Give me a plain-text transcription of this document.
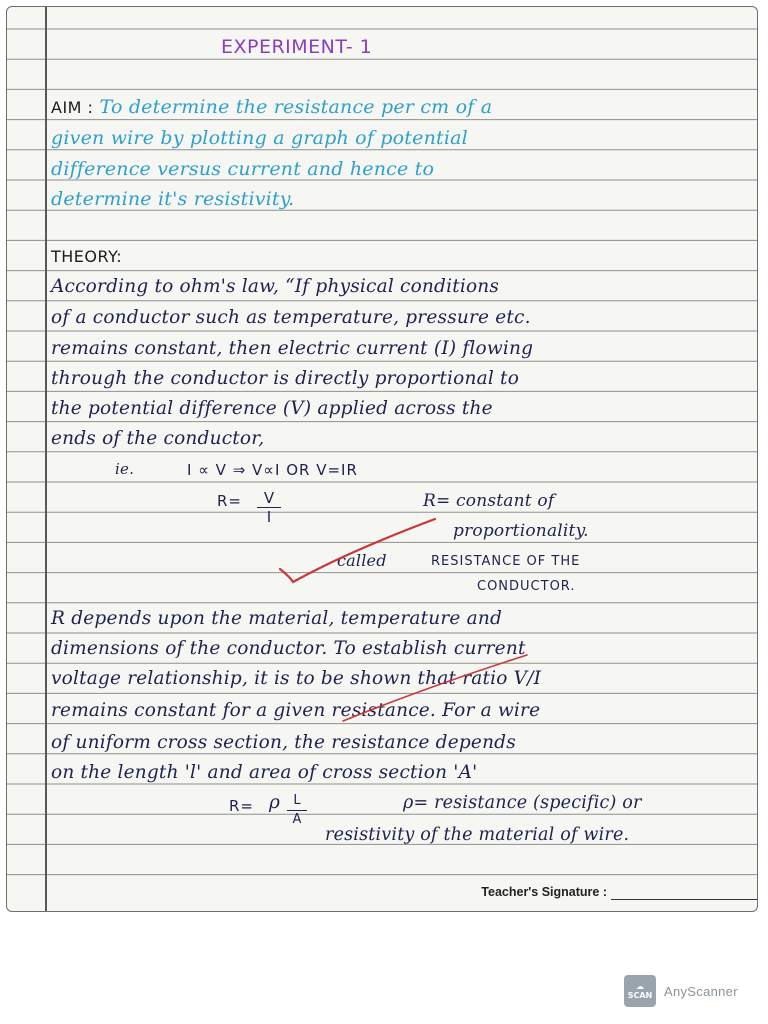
EXPERIMENT- 1
AIM : To determine the resistance per cm of a
given wire by plotting a graph of potential
difference versus current and hence to
determine it's resistivity.
THEORY:
According to ohm's law, “If physical conditions
of a conductor such as temperature, pressure etc.
remains constant, then electric current (I) flowing
through the conductor is directly proportional to
the potential difference (V) applied across the
ends of the conductor,
ie.	I ∝ V ⇒ V∝I OR V=IR
R=	V
I
R= constant of
proportionality.
called	RESISTANCE OF THE
CONDUCTOR.
R depends upon the material, temperature and
dimensions of the conductor. To establish current
voltage relationship, it is to be shown that ratio V/I
remains constant for a given resistance. For a wire
of uniform cross section, the resistance depends
on the length 'l' and area of cross section 'A'
R= ρ	L
A
ρ= resistance (specific) or
resistivity of the material of wire.
Teacher's Signature :
☁
SCAN AnyScanner
